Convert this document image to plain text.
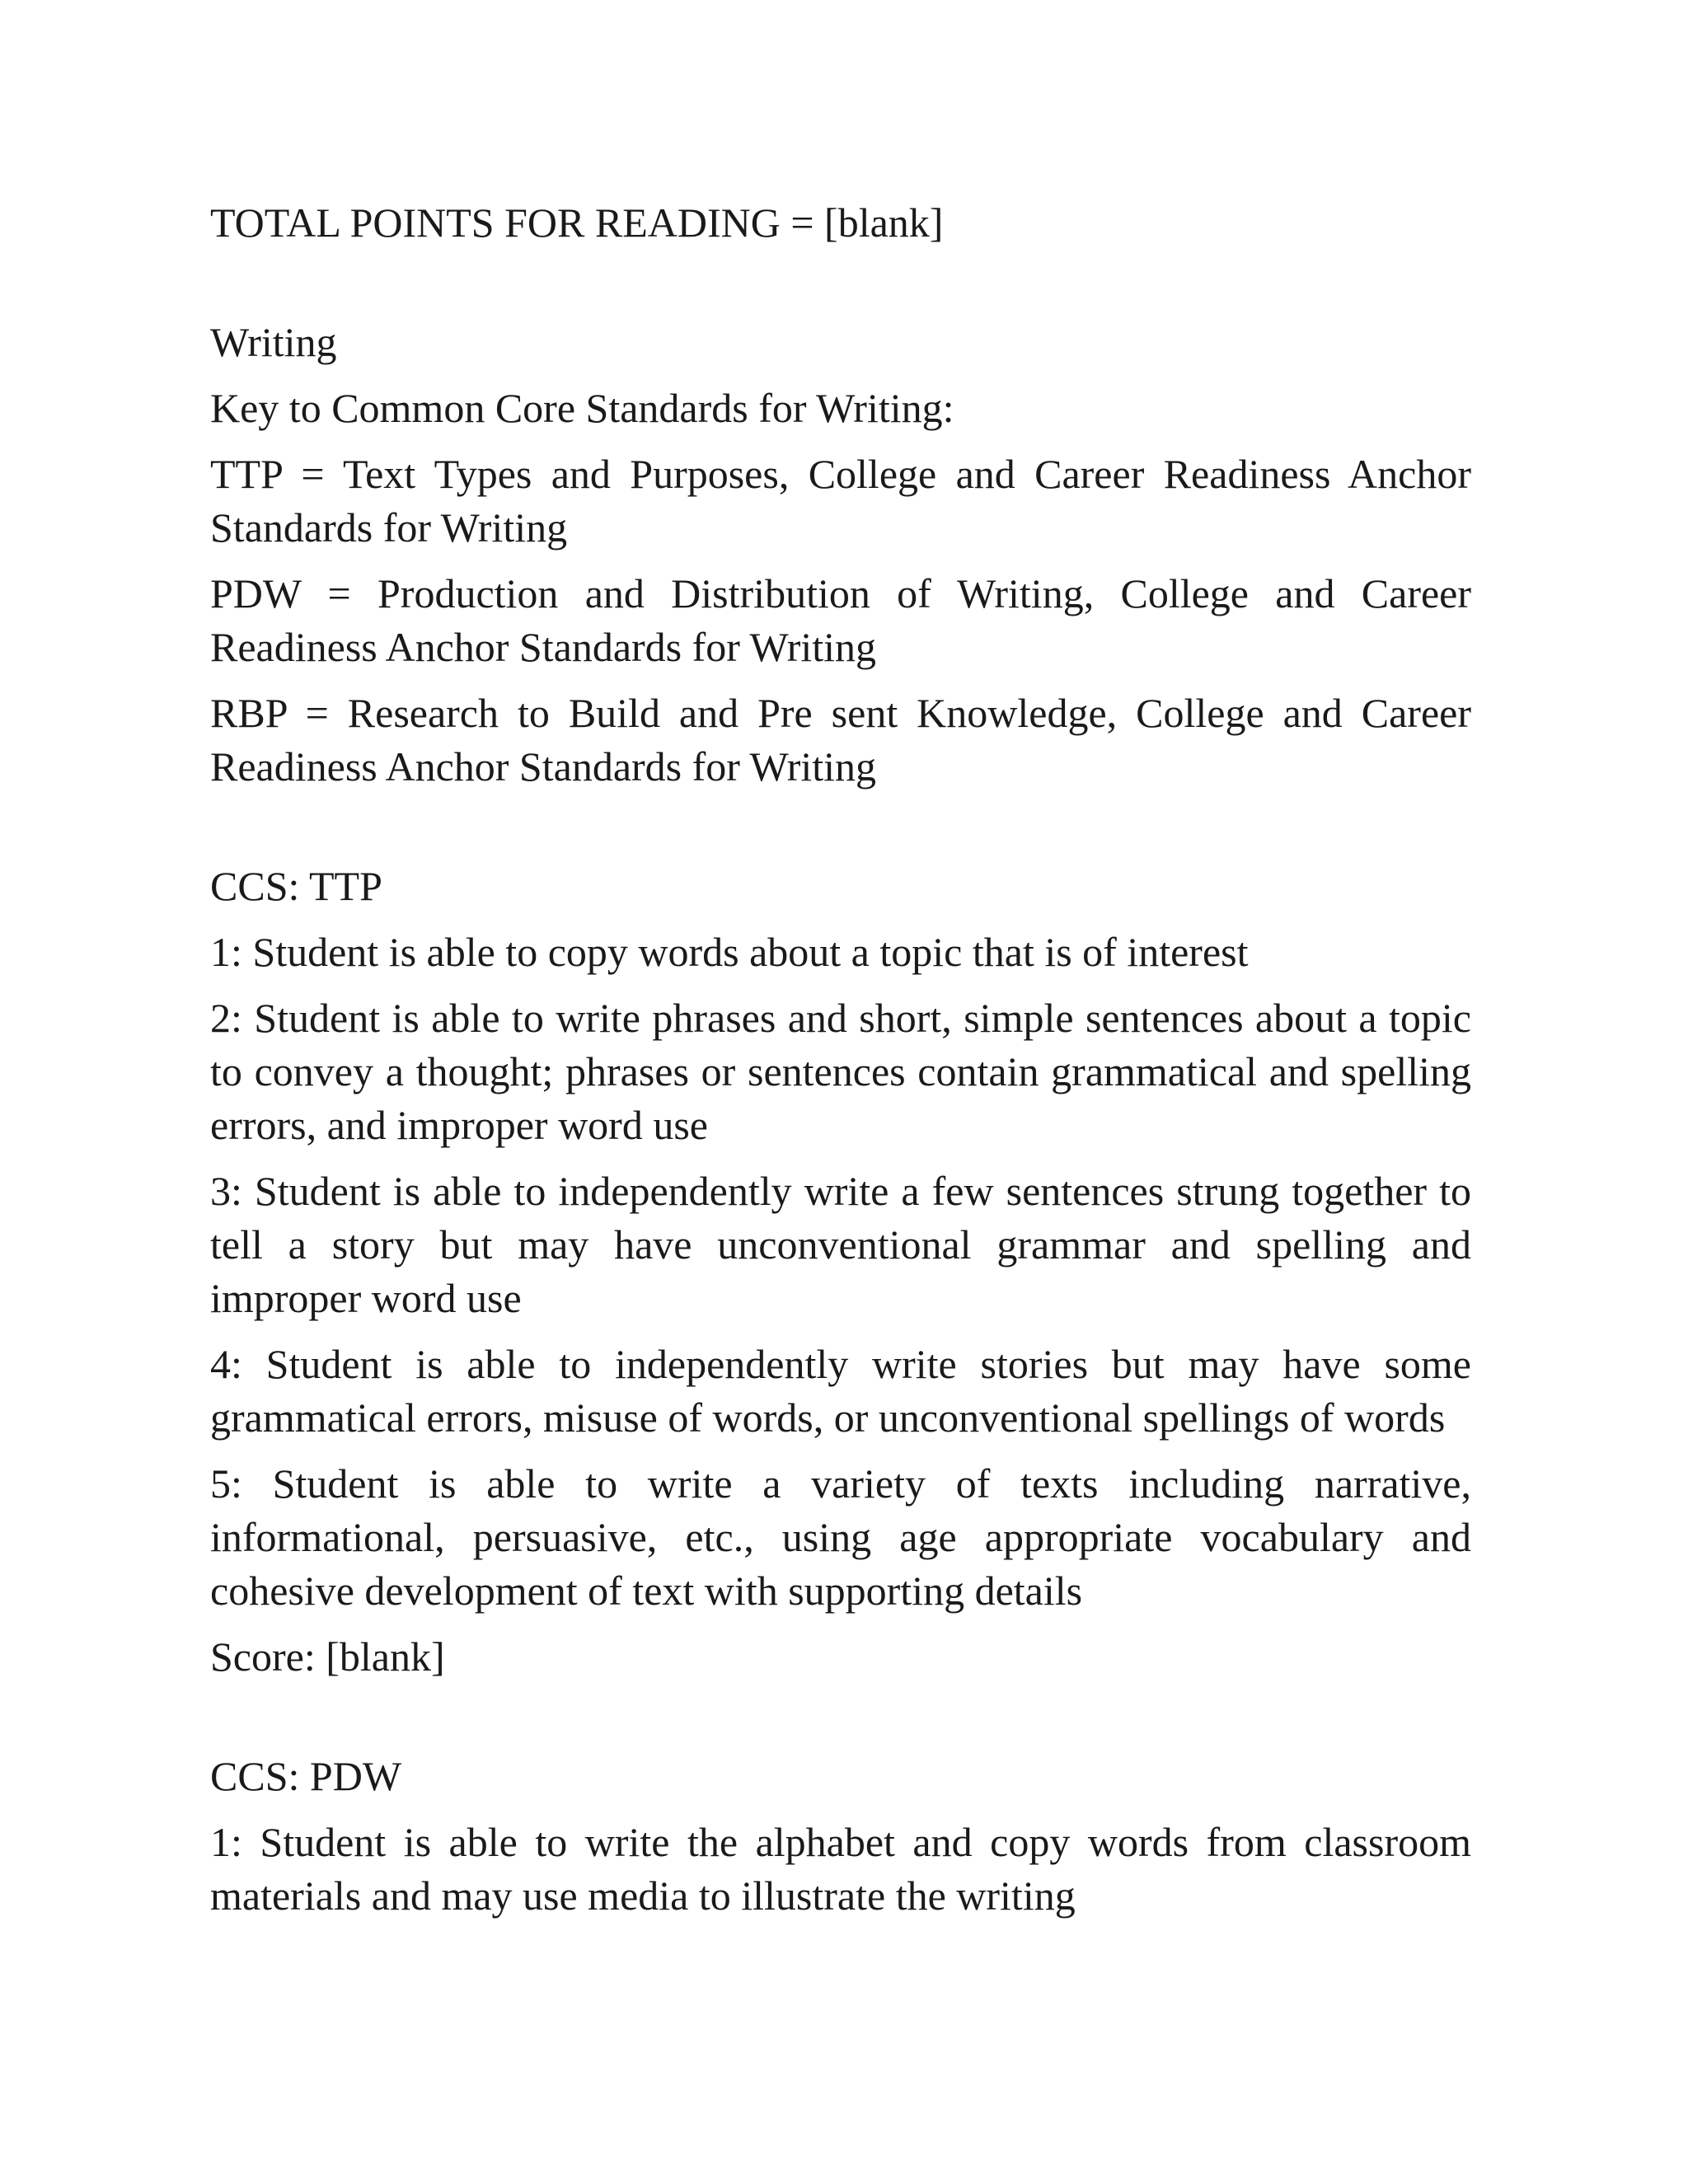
TOTAL POINTS FOR READING = [blank]
Writing
Key to Common Core Standards for Writing:
TTP = Text Types and Purposes, College and Career Readiness Anchor Standards for Writing
PDW = Production and Distribution of Writing, College and Career Readiness Anchor Standards for Writing
RBP = Research to Build and Pre sent Knowledge, College and Career Readiness Anchor Standards for Writing
CCS: TTP
1: Student is able to copy words about a topic that is of interest
2: Student is able to write phrases and short, simple sentences about a topic to convey a thought; phrases or sentences contain grammatical and spelling errors, and improper word use
3: Student is able to independently write a few sentences strung together to tell a story but may have unconventional grammar and spelling and improper word use
4: Student is able to independently write stories but may have some grammatical errors, misuse of words, or unconventional spellings of words
5: Student is able to write a variety of texts including narrative, informational, persuasive, etc., using age appropriate vocabulary and cohesive development of text with supporting details
Score: [blank]
CCS: PDW
1: Student is able to write the alphabet and copy words from classroom materials and may use media to illustrate the writing
